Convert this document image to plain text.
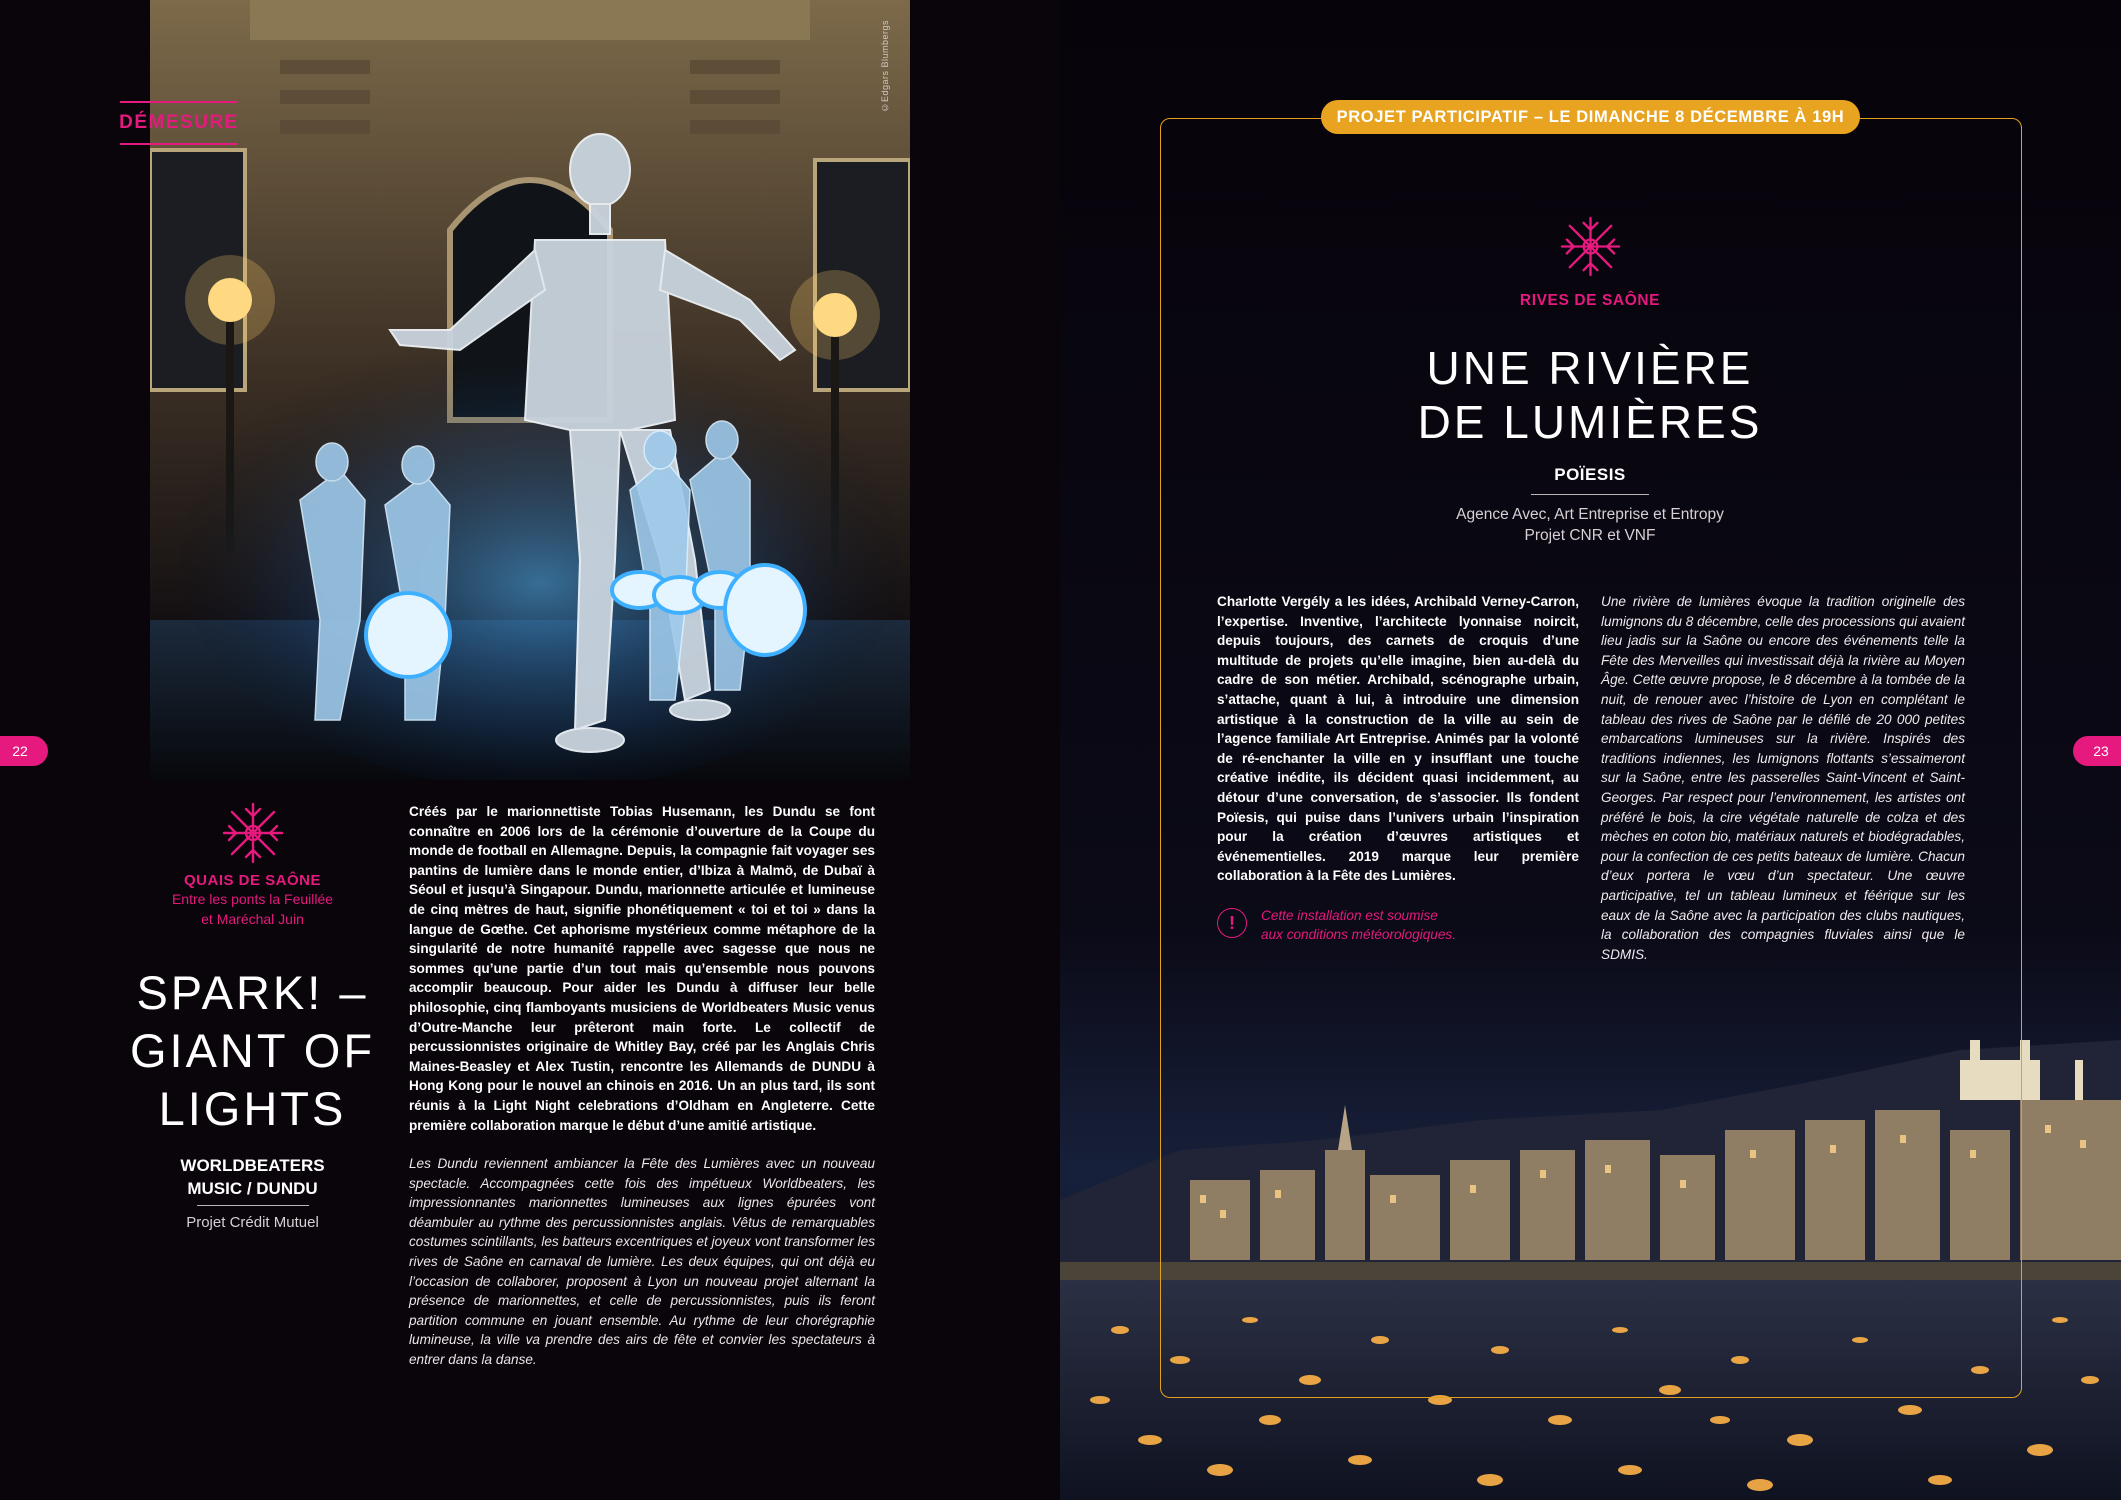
©Edgars Blumbergs
DÉMESURE
22
QUAIS DE SAÔNE
Entre les ponts la Feuillée
et Maréchal Juin
SPARK! –
GIANT OF
LIGHTS
WORLDBEATERS
MUSIC / DUNDU
Projet Crédit Mutuel

Créés par le marionnettiste Tobias Husemann, les Dundu se font connaître en 2006 lors de la cérémonie d’ouverture de la Coupe du monde de football en Allemagne. Depuis, la compagnie fait voyager ses pantins de lumière dans le monde entier, d’Ibiza à Malmö, de Dubaï à Séoul et jusqu’à Singapour. Dundu, marionnette articulée et lumineuse de cinq mètres de haut, signifie phonétiquement « toi et toi » dans la langue de Gœthe. Cet aphorisme mystérieux comme métaphore de la singularité de notre humanité rappelle avec sagesse que nous ne sommes qu’une partie d’un tout mais qu’ensemble nous pouvons accomplir beaucoup. Pour aider les Dundu à diffuser leur belle philosophie, cinq flamboyants musiciens de Worldbeaters Music venus d’Outre-Manche leur prêteront main forte. Le collectif de percussionnistes originaire de Whitley Bay, créé par les Anglais Chris Maines-Beasley et Alex Tustin, rencontre les Allemands de DUNDU à Hong Kong pour le nouvel an chinois en 2016. Un an plus tard, ils sont réunis à la Light Night celebrations d’Oldham en Angleterre. Cette première collaboration marque le début d’une amitié artistique.

Les Dundu reviennent ambiancer la Fête des Lumières avec un nouveau spectacle. Accompagnées cette fois des impétueux Worldbeaters, les impressionnantes marionnettes lumineuses aux lignes épurées vont déambuler au rythme des percussionnistes anglais. Vêtus de remarquables costumes scintillants, les batteurs excentriques et joyeux vont transformer les rives de Saône en carnaval de lumière. Les deux équipes, qui ont déjà eu l’occasion de collaborer, proposent à Lyon un nouveau projet alternant la présence de marionnettes, et celle de percussionnistes, puis ils feront partition commune en jouant ensemble. Au rythme de leur chorégraphie lumineuse, la ville va prendre des airs de fête et convier les spectateurs à entrer dans la danse.

PROJET PARTICIPATIF – LE DIMANCHE 8 DÉCEMBRE À 19H
RIVES DE SAÔNE
UNE RIVIÈRE
DE LUMIÈRES
POÏESIS
Agence Avec, Art Entreprise et Entropy
Projet CNR et VNF
Charlotte Vergély a les idées, Archibald Verney-Carron, l’expertise. Inventive, l’architecte lyonnaise noircit, depuis toujours, des carnets de croquis d’une multitude de projets qu’elle imagine, bien au-delà du cadre de son métier. Archibald, scénographe urbain, s’attache, quant à lui, à introduire une dimension artistique à la construction de la ville au sein de l’agence familiale Art Entreprise. Animés par la volonté de ré-enchanter la ville en y insufflant une touche créative inédite, ils décident quasi incidemment, au détour d’une conversation, de s’associer. Ils fondent Poïesis, qui puise dans l’univers urbain l’inspiration pour la création d’œuvres artistiques et événementielles. 2019 marque leur première collaboration à la Fête des Lumières.
!	Cette installation est soumise
aux conditions météorologiques.
Une rivière de lumières évoque la tradition originelle des lumignons du 8 décembre, celle des processions qui avaient lieu jadis sur la Saône ou encore des événements telle la Fête des Merveilles qui investissait déjà la rivière au Moyen Âge. Cette œuvre propose, le 8 décembre à la tombée de la nuit, de renouer avec l’histoire de Lyon en complétant le tableau des rives de Saône par le défilé de 20 000 petites embarcations lumineuses sur la rivière. Inspirés des traditions indiennes, les lumignons flottants s’essaimeront sur la Saône, entre les passerelles Saint-Vincent et Saint-Georges. Par respect pour l’environnement, les artistes ont préféré le bois, la cire végétale naturelle de colza et des mèches en coton bio, matériaux naturels et biodégradables, pour la confection de ces petits bateaux de lumière. Chacun d’eux portera le vœu d’un spectateur. Une œuvre participative, tel un tableau lumineux et féérique sur les eaux de la Saône avec la participation des clubs nautiques, la collaboration des compagnies fluviales ainsi que le SDMIS.
23
